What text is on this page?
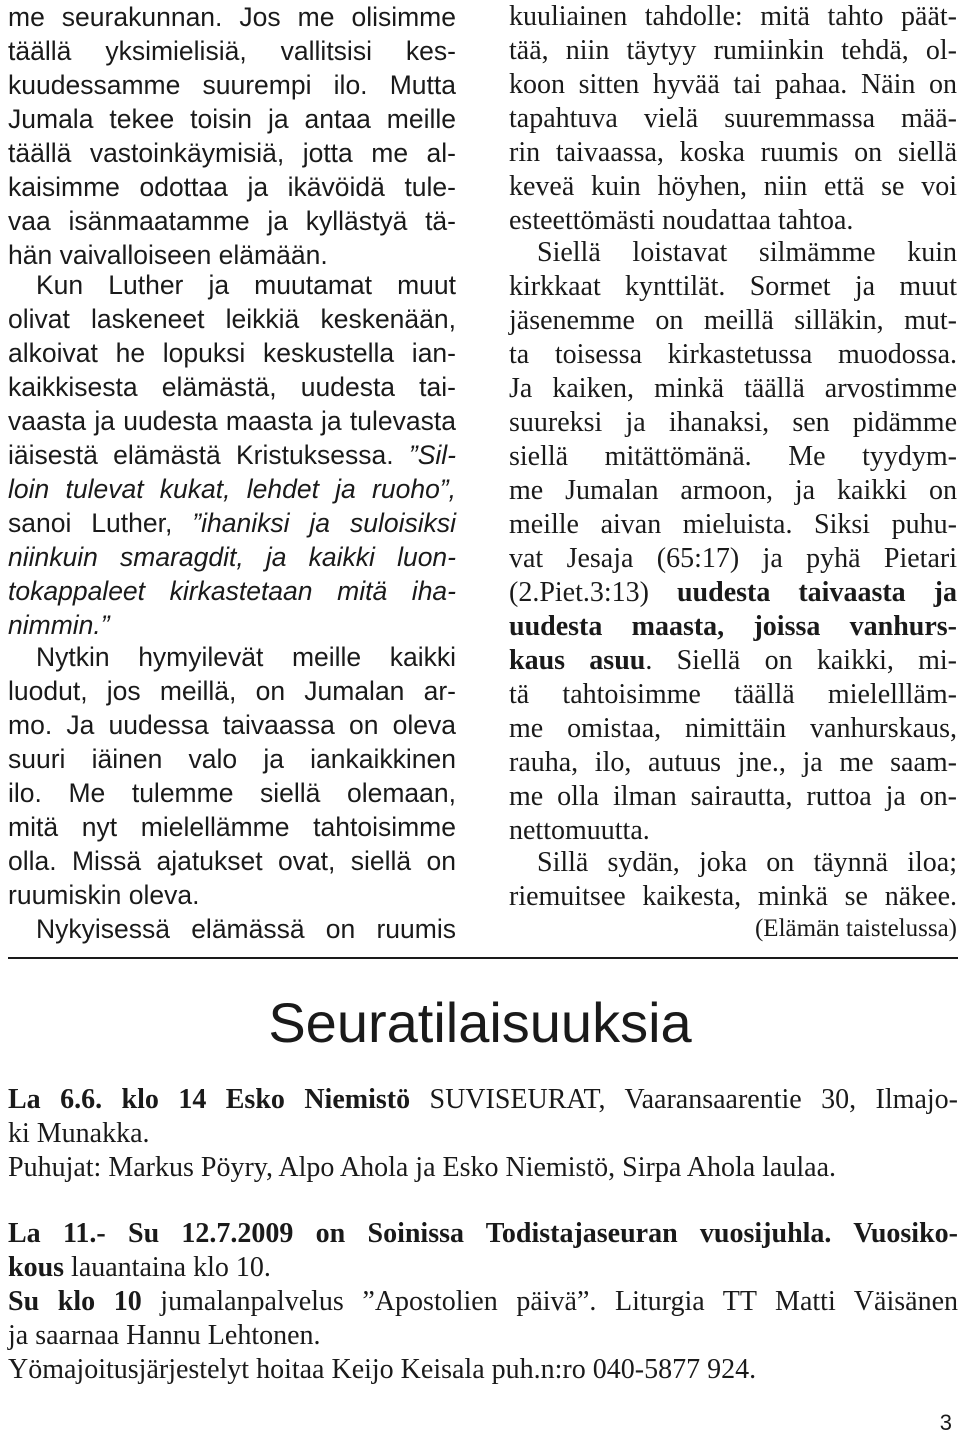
me seurakunnan. Jos me olisimme
täällä yksimielisiä, vallitsisi kes-
kuudessamme suurempi ilo. Mutta
Jumala tekee toisin ja antaa meille
täällä vastoinkäymisiä, jotta me al-
kaisimme odottaa ja ikävöidä tule-
vaa isänmaatamme ja kyllästyä tä-
hän vaivalloiseen elämään.
Kun Luther ja muutamat muut
olivat laskeneet leikkiä keskenään,
alkoivat he lopuksi keskustella ian-
kaikkisesta elämästä, uudesta tai-
vaasta ja uudesta maasta ja tulevasta
iäisestä elämästä Kristuksessa. ”Sil-
loin tulevat kukat, lehdet ja ruoho”,
sanoi Luther, ”ihaniksi ja suloisiksi
niinkuin smaragdit, ja kaikki luon-
tokappaleet kirkastetaan mitä iha-
nimmin.”
Nytkin hymyilevät meille kaikki
luodut, jos meillä, on Jumalan ar-
mo. Ja uudessa taivaassa on oleva
suuri iäinen valo ja iankaikkinen
ilo. Me tulemme siellä olemaan,
mitä nyt mielellämme tahtoisimme
olla. Missä ajatukset ovat, siellä on
ruumiskin oleva.
Nykyisessä elämässä on ruumis
kuuliainen tahdolle: mitä tahto päät-
tää, niin täytyy rumiinkin tehdä, ol-
koon sitten hyvää tai pahaa. Näin on
tapahtuva vielä suuremmassa mää-
rin taivaassa, koska ruumis on siellä
keveä kuin höyhen, niin että se voi
esteettömästi noudattaa tahtoa.
Siellä loistavat silmämme kuin
kirkkaat kynttilät. Sormet ja muut
jäsenemme on meillä silläkin, mut-
ta toisessa kirkastetussa muodossa.
Ja kaiken, minkä täällä arvostimme
suureksi ja ihanaksi, sen pidämme
siellä mitättömänä. Me tyydym-
me Jumalan armoon, ja kaikki on
meille aivan mieluista. Siksi puhu-
vat Jesaja (65:17) ja pyhä Pietari
(2.Piet.3:13) uudesta taivaasta ja
uudesta maasta, joissa vanhurs-
kaus asuu. Siellä on kaikki, mi-
tä tahtoisimme täällä mielellläm-
me omistaa, nimittäin vanhurskaus,
rauha, ilo, autuus jne., ja me saam-
me olla ilman sairautta, ruttoa ja on-
nettomuutta.
Sillä sydän, joka on täynnä iloa;
riemuitsee kaikesta, minkä se näkee.
(Elämän taistelussa)
Seuratilaisuuksia
La 6.6. klo 14 Esko Niemistö SUVISEURAT, Vaaransaarentie 30, Ilmajo-
ki Munakka.
Puhujat: Markus Pöyry, Alpo Ahola ja Esko Niemistö, Sirpa Ahola laulaa.
La 11.- Su 12.7.2009 on Soinissa Todistajaseuran vuosijuhla. Vuosiko-
kous lauantaina klo 10.
Su klo 10 jumalanpalvelus ”Apostolien päivä”. Liturgia TT Matti Väisänen
ja saarnaa Hannu Lehtonen.
Yömajoitusjärjestelyt hoitaa Keijo Keisala puh.n:ro 040-5877 924.
3
